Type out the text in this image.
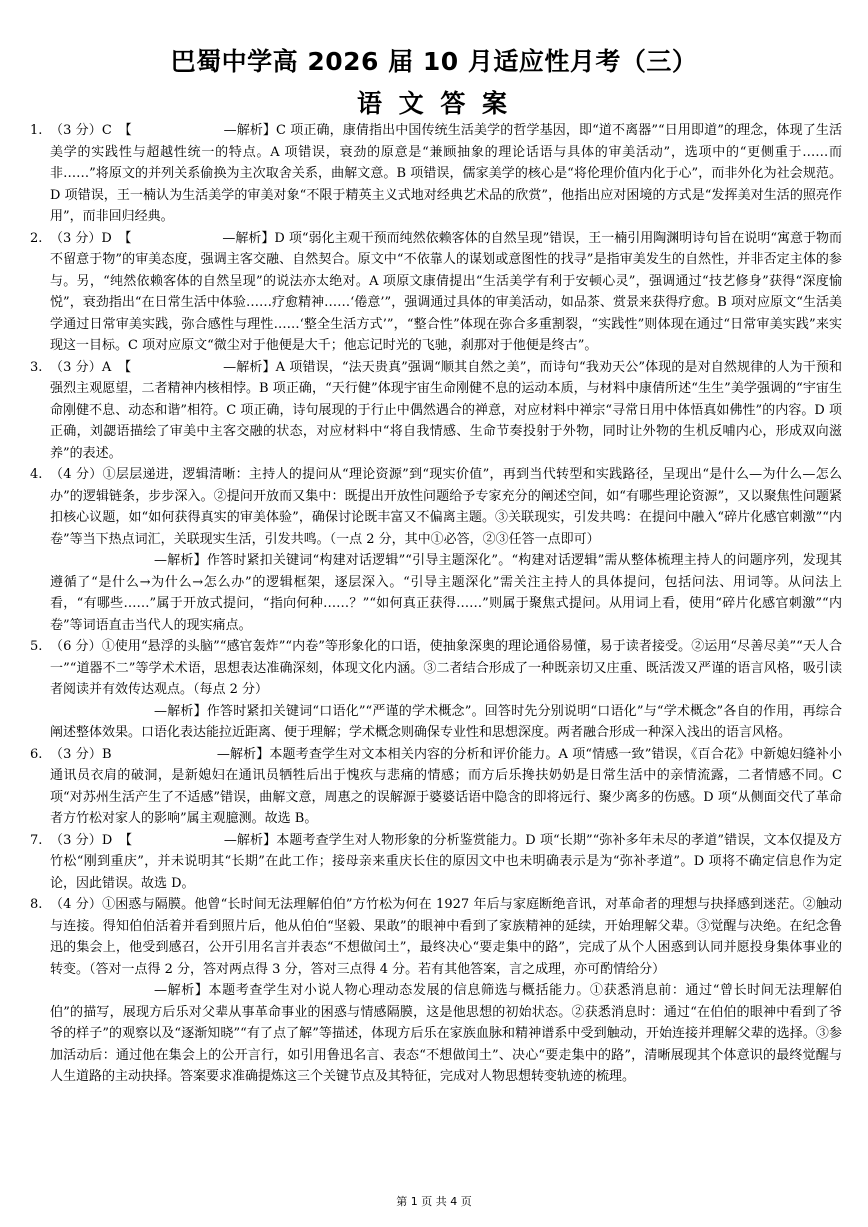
巴蜀中学高 2026 届 10 月适应性月考（三）
语 文 答 案
1. （3 分）C　【　　　　　　　—解析】C 项正确，康倩指出中国传统生活美学的哲学基因，即“道不离器”“日用即道”的理念，体现了生活美学的实践性与超越性统一的特点。A 项错误，衰劲的原意是“兼顾抽象的理论话语与具体的审美活动”，选项中的“更侧重于……而非……”将原文的并列关系偷换为主次取舍关系，曲解文意。B 项错误，儒家美学的核心是“将伦理价值内化于心”，而非外化为社会规范。D 项错误，王一楠认为生活美学的审美对象“不限于精英主义式地对经典艺术品的欣赏”，他指出应对困境的方式是“发挥美对生活的照亮作用”，而非回归经典。
2. （3 分）D　【　　　　　　　—解析】D 项“弱化主观干预而纯然依赖客体的自然呈现”错误，王一楠引用陶渊明诗句旨在说明“寓意于物而不留意于物”的审美态度，强调主客交融、自然契合。原文中“不依靠人的谋划或意图性的找寻”是指审美发生的自然性，并非否定主体的参与。另，“纯然依赖客体的自然呈现”的说法亦太绝对。A 项原文康倩提出“生活美学有利于安顿心灵”，强调通过“技艺修身”获得“深度愉悦”，衰劲指出“在日常生活中体验……疗愈精神……‘倦意’”，强调通过具体的审美活动，如品茶、赏景来获得疗愈。B 项对应原文“生活美学通过日常审美实践，弥合感性与理性……‘整全生活方式’”，“整合性”体现在弥合多重割裂，“实践性”则体现在通过“日常审美实践”来实现这一目标。C 项对应原文“微尘对于他便是大千；他忘记时光的飞驰，刹那对于他便是终古”。
3. （3 分）A　【　　　　　　　—解析】A 项错误，“法天贵真”强调“顺其自然之美”，而诗句“我劝天公”体现的是对自然规律的人为干预和强烈主观愿望，二者精神内核相悖。B 项正确，“天行健”体现宇宙生命刚健不息的运动本质，与材料中康倩所述“生生”美学强调的“宇宙生命刚健不息、动态和谐”相符。C 项正确，诗句展现的于行止中偶然遇合的禅意，对应材料中禅宗“寻常日用中体悟真如佛性”的内容。D 项正确，刘勰语描绘了审美中主客交融的状态，对应材料中“将自我情感、生命节奏投射于外物，同时让外物的生机反哺内心，形成双向滋养”的表述。
4. （4 分）①层层递进，逻辑清晰：主持人的提问从“理论资源”到“现实价值”，再到当代转型和实践路径，呈现出“是什么—为什么—怎么办”的逻辑链条，步步深入。②提问开放而又集中：既提出开放性问题给予专家充分的阐述空间，如“有哪些理论资源”，又以聚焦性问题紧扣核心议题，如“如何获得真实的审美体验”，确保讨论既丰富又不偏离主题。③关联现实，引发共鸣：在提问中融入“碎片化感官刺激”“内卷”等当下热点词汇，关联现实生活，引发共鸣。（一点 2 分，其中①必答，②③任答一点即可）
—解析】作答时紧扣关键词“构建对话逻辑”“引导主题深化”。“构建对话逻辑”需从整体梳理主持人的问题序列，发现其遵循了“是什么→为什么→怎么办”的逻辑框架，逐层深入。“引导主题深化”需关注主持人的具体提问，包括问法、用词等。从问法上看，“有哪些……”属于开放式提问，“指向何种……？”“如何真正获得……”则属于聚焦式提问。从用词上看，使用“碎片化感官刺激”“内卷”等词语直击当代人的现实痛点。
5. （6 分）①使用“悬浮的头脑”“感官轰炸”“内卷”等形象化的口语，使抽象深奥的理论通俗易懂，易于读者接受。②运用“尽善尽美”“天人合一”“道器不二”等学术术语，思想表达准确深刻，体现文化内涵。③二者结合形成了一种既亲切又庄重、既活泼又严谨的语言风格，吸引读者阅读并有效传达观点。（每点 2 分）
—解析】作答时紧扣关键词“口语化”“严谨的学术概念”。回答时先分别说明“口语化”与“学术概念”各自的作用，再综合阐述整体效果。口语化表达能拉近距离、便于理解；学术概念则确保专业性和思想深度。两者融合形成一种深入浅出的语言风格。
6. （3 分）B　　　　　　　　—解析】本题考查学生对文本相关内容的分析和评价能力。A 项“情感一致”错误，《百合花》中新媳妇缝补小通讯员衣肩的破洞，是新媳妇在通讯员牺牲后出于愧疚与悲痛的情感；而方后乐搀扶奶奶是日常生活中的亲情流露，二者情感不同。C 项“对苏州生活产生了不适感”错误，曲解文意，周惠之的误解源于婆婆话语中隐含的即将远行、聚少离多的伤感。D 项“从侧面交代了革命者方竹松对家人的影响”属主观臆测。故选 B。
7. （3 分）D　【　　　　　　　—解析】本题考查学生对人物形象的分析鉴赏能力。D 项“长期”“弥补多年未尽的孝道”错误，文本仅提及方竹松“刚到重庆”，并未说明其“长期”在此工作；接母亲来重庆长住的原因文中也未明确表示是为“弥补孝道”。D 项将不确定信息作为定论，因此错误。故选 D。
8. （4 分）①困惑与隔膜。他曾“长时间无法理解伯伯”方竹松为何在 1927 年后与家庭断绝音讯，对革命者的理想与抉择感到迷茫。②触动与连接。得知伯伯活着并看到照片后，他从伯伯“坚毅、果敢”的眼神中看到了家族精神的延续，开始理解父辈。③觉醒与决绝。在纪念鲁迅的集会上，他受到感召，公开引用名言并表态“不想做闰土”，最终决心“要走集中的路”，完成了从个人困惑到认同并愿投身集体事业的转变。（答对一点得 2 分，答对两点得 3 分，答对三点得 4 分。若有其他答案，言之成理，亦可酌情给分）
—解析】本题考查学生对小说人物心理动态发展的信息筛选与概括能力。①获悉消息前：通过“曾长时间无法理解伯伯”的描写，展现方后乐对父辈从事革命事业的困惑与情感隔膜，这是他思想的初始状态。②获悉消息时：通过“在伯伯的眼神中看到了爷爷的样子”的观察以及“逐渐知晓”“有了点了解”等描述，体现方后乐在家族血脉和精神谱系中受到触动，开始连接并理解父辈的选择。③参加活动后：通过他在集会上的公开言行，如引用鲁迅名言、表态“不想做闰土”、决心“要走集中的路”，清晰展现其个体意识的最终觉醒与人生道路的主动抉择。答案要求准确提炼这三个关键节点及其特征，完成对人物思想转变轨迹的梳理。
第 1 页 共 4 页
